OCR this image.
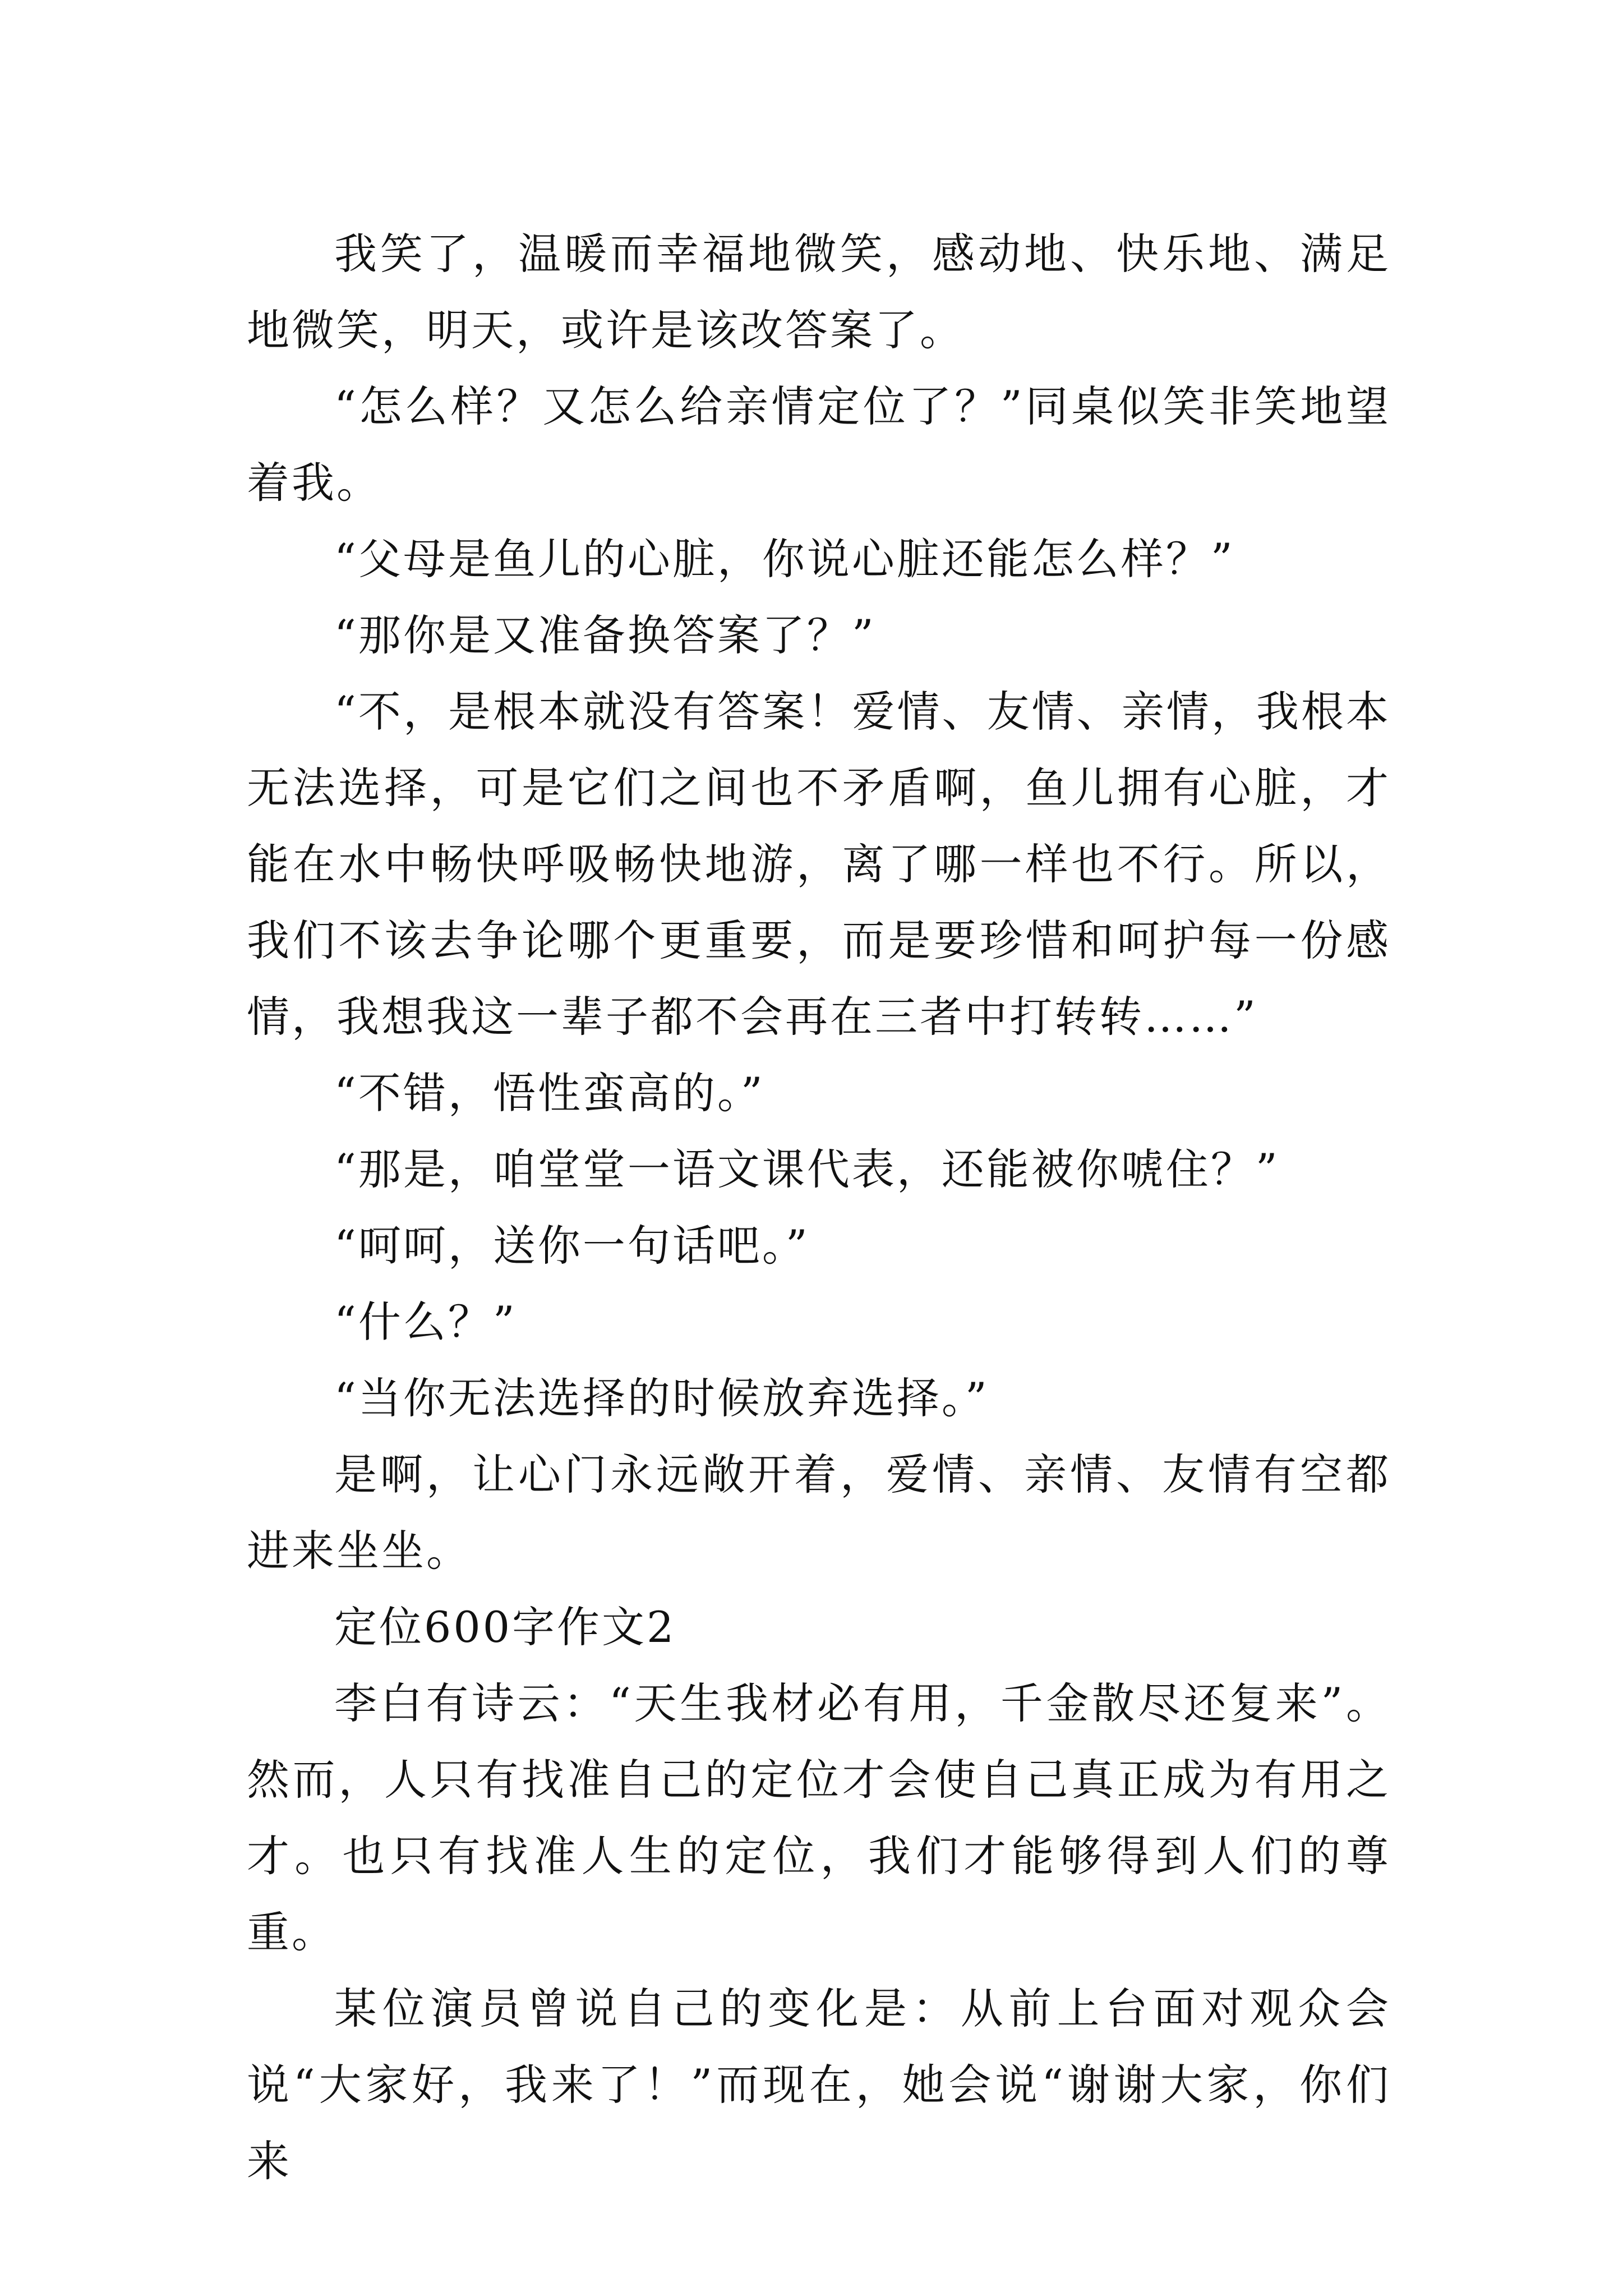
我笑了，温暖而幸福地微笑，感动地、快乐地、满足地微笑，明天，或许是该改答案了。

“怎么样？又怎么给亲情定位了？”同桌似笑非笑地望着我。

“父母是鱼儿的心脏，你说心脏还能怎么样？”

“那你是又准备换答案了？”

“不，是根本就没有答案！爱情、友情、亲情，我根本无法选择，可是它们之间也不矛盾啊，鱼儿拥有心脏，才能在水中畅快呼吸畅快地游，离了哪一样也不行。所以，我们不该去争论哪个更重要，而是要珍惜和呵护每一份感情，我想我这一辈子都不会再在三者中打转转……”

“不错，悟性蛮高的。”

“那是，咱堂堂一语文课代表，还能被你唬住？”

“呵呵，送你一句话吧。”

“什么？”

“当你无法选择的时候放弃选择。”

是啊，让心门永远敞开着，爱情、亲情、友情有空都进来坐坐。

定位600字作文2

李白有诗云：“天生我材必有用，千金散尽还复来”。然而，人只有找准自己的定位才会使自己真正成为有用之才。也只有找准人生的定位，我们才能够得到人们的尊重。

某位演员曾说自己的变化是：从前上台面对观众会说“大家好，我来了！”而现在，她会说“谢谢大家，你们来
